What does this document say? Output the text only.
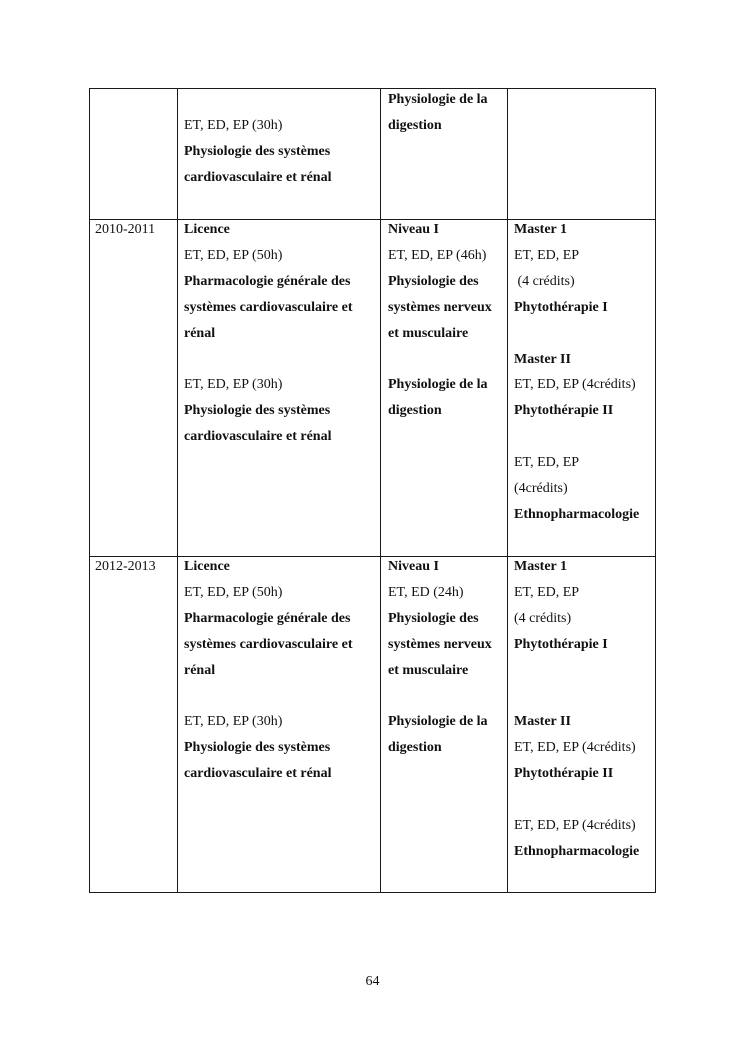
ET, ED, EP (30h)
Physiologie des systèmes
cardiovasculaire et rénal
Physiologie de la
digestion
2010-2011 Licence
ET, ED, EP (50h)
Pharmacologie générale des
systèmes cardiovasculaire et
rénal
ET, ED, EP (30h)
Physiologie des systèmes
cardiovasculaire et rénal
Niveau I
ET, ED, EP (46h)
Physiologie des
systèmes nerveux
et musculaire
Physiologie de la
digestion
Master 1
ET, ED, EP
(4 crédits)
Phytothérapie I
Master II
ET, ED, EP (4crédits)
Phytothérapie II
ET, ED, EP
(4crédits)
Ethnopharmacologie
2012-2013 Licence
ET, ED, EP (50h)
Pharmacologie générale des
systèmes cardiovasculaire et
rénal
ET, ED, EP (30h)
Physiologie des systèmes
cardiovasculaire et rénal
Niveau I
ET, ED (24h)
Physiologie des
systèmes nerveux
et musculaire
Physiologie de la
digestion
Master 1
ET, ED, EP
(4 crédits)
Phytothérapie I
Master II
ET, ED, EP (4crédits)
Phytothérapie II
ET, ED, EP (4crédits)
Ethnopharmacologie
64
